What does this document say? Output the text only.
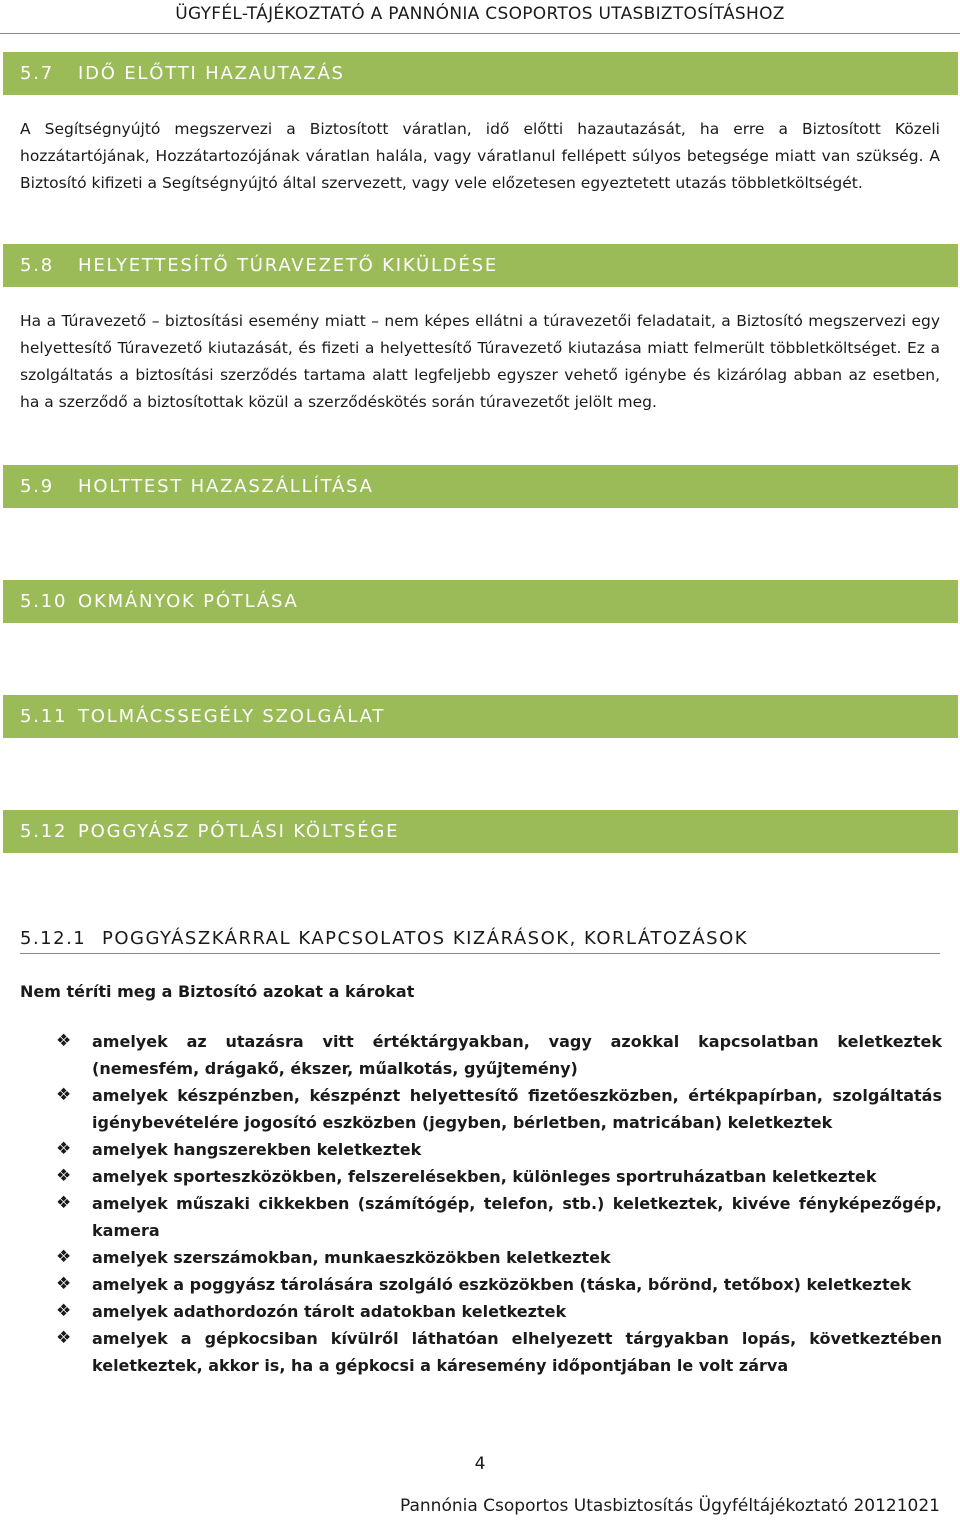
ÜGYFÉL-TÁJÉKOZTATÓ A PANNÓNIA CSOPORTOS UTASBIZTOSÍTÁSHOZ
5.7 IDŐ ELŐTTI HAZAUTAZÁS
A Segítségnyújtó megszervezi a Biztosított váratlan, idő előtti hazautazását, ha erre a Biztosított Közeli hozzátartójának, Hozzátartozójának váratlan halála, vagy váratlanul fellépett súlyos betegsége miatt van szükség. A Biztosító kifizeti a Segítségnyújtó által szervezett, vagy vele előzetesen egyeztetett utazás többletköltségét.
5.8 HELYETTESÍTŐ TÚRAVEZETŐ KIKÜLDÉSE
Ha a Túravezető – biztosítási esemény miatt – nem képes ellátni a túravezetői feladatait, a Biztosító megszervezi egy helyettesítő Túravezető kiutazását, és fizeti a helyettesítő Túravezető kiutazása miatt felmerült többletköltséget. Ez a szolgáltatás a biztosítási szerződés tartama alatt legfeljebb egyszer vehető igénybe és kizárólag abban az esetben, ha a szerződő a biztosítottak közül a szerződéskötés során túravezetőt jelölt meg.
5.9 HOLTTEST HAZASZÁLLÍTÁSA
5.10 OKMÁNYOK PÓTLÁSA
5.11 TOLMÁCSSEGÉLY SZOLGÁLAT
5.12 POGGYÁSZ PÓTLÁSI KÖLTSÉGE
5.12.1 POGGYÁSZKÁRRAL KAPCSOLATOS KIZÁRÁSOK, KORLÁTOZÁSOK
Nem téríti meg a Biztosító azokat a károkat
❖ amelyek az utazásra vitt értéktárgyakban, vagy azokkal kapcsolatban keletkeztek (nemesfém, drágakő, ékszer, műalkotás, gyűjtemény)
❖ amelyek készpénzben, készpénzt helyettesítő fizetőeszközben, értékpapírban, szolgáltatás igénybevételére jogosító eszközben (jegyben, bérletben, matricában) keletkeztek
❖ amelyek hangszerekben keletkeztek
❖ amelyek sporteszközökben, felszerelésekben, különleges sportruházatban keletkeztek
❖ amelyek műszaki cikkekben (számítógép, telefon, stb.) keletkeztek, kivéve fényképezőgép, kamera
❖ amelyek szerszámokban, munkaeszközökben keletkeztek
❖ amelyek a poggyász tárolására szolgáló eszközökben (táska, bőrönd, tetőbox) keletkeztek
❖ amelyek adathordozón tárolt adatokban keletkeztek
❖ amelyek a gépkocsiban kívülről láthatóan elhelyezett tárgyakban lopás, következtében keletkeztek, akkor is, ha a gépkocsi a káresemény időpontjában le volt zárva
4
Pannónia Csoportos Utasbiztosítás Ügyféltájékoztató 20121021
